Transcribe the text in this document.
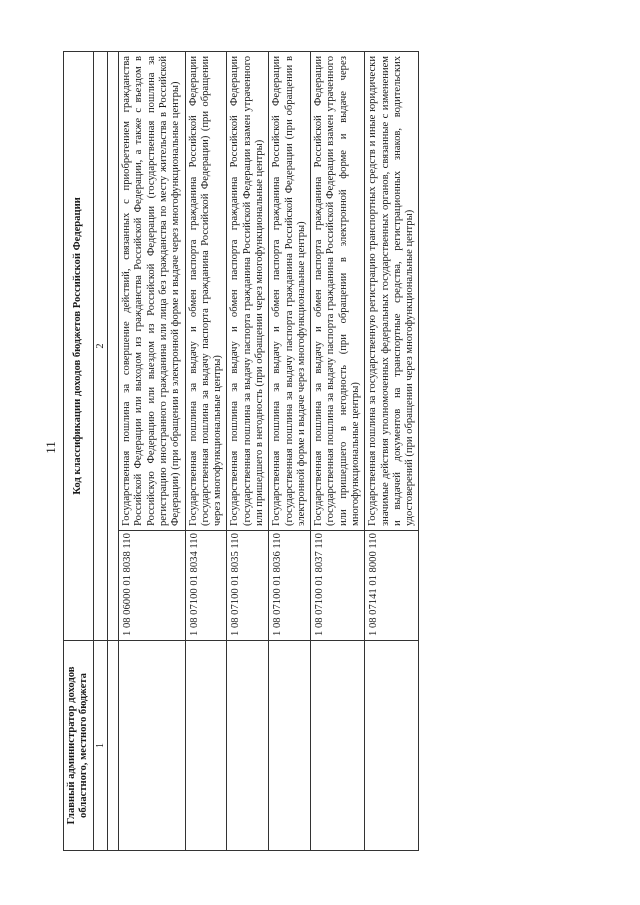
11
Главный администратор доходов областного, местного бюджета	Код классификации доходов бюджетов Российской Федерации	
1	2	

	1 08 06000 01 8038 110	Государственная пошлина за совершение действий, связанных с приобретением гражданства Российской Федерации или выходом из гражданства Российской Федерации, а также с въездом в Российскую Федерацию или выездом из Российской Федерации (государственная пошлина за регистрацию иностранного гражданина или лица без гражданства по месту жительства в Российской Федерации) (при обращении в электронной форме и выдаче через многофункциональные центры)
	1 08 07100 01 8034 110	Государственная пошлина за выдачу и обмен паспорта гражданина Российской Федерации (государственная пошлина за выдачу паспорта гражданина Российской Федерации) (при обращении через многофункциональные центры)
	1 08 07100 01 8035 110	Государственная пошлина за выдачу и обмен паспорта гражданина Российской Федерации (государственная пошлина за выдачу паспорта гражданина Российской Федерации взамен утраченного или пришедшего в негодность (при обращении через многофункциональные центры)
	1 08 07100 01 8036 110	Государственная пошлина за выдачу и обмен паспорта гражданина Российской Федерации (государственная пошлина за выдачу паспорта гражданина Российской Федерации (при обращении в электронной форме и выдаче через многофункциональные центры)
	1 08 07100 01 8037 110	Государственная пошлина за выдачу и обмен паспорта гражданина Российской Федерации (государственная пошлина за выдачу паспорта гражданина Российской Федерации взамен утраченного или пришедшего в негодность (при обращении в электронной форме и выдаче через многофункциональные центры)
	1 08 07141 01 8000 110	Государственная пошлина за государственную регистрацию транспортных средств и иные юридически значимые действия уполномоченных федеральных государственных органов, связанные с изменением и выдачей документов на транспортные средства, регистрационных знаков, водительских удостоверений (при обращении через многофункциональные центры)
